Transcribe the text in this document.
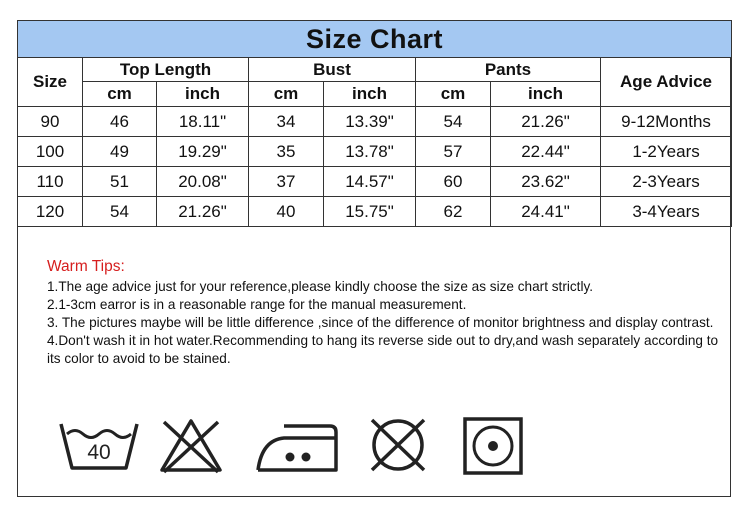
Size Chart							
Size	Top Length		Bust		Pants		Age Advice
	cm	inch	cm	inch	cm	inch	
90	46	18.11"	34	13.39"	54	21.26"	9-12Months
100	49	19.29"	35	13.78"	57	22.44"	1-2Years
110	51	20.08"	37	14.57"	60	23.62"	2-3Years
120	54	21.26"	40	15.75"	62	24.41"	3-4Years
Warm Tips:

1.The age advice just for your reference,please kindly choose the size as size chart strictly.

2.1-3cm earror is in a reasonable range for the manual measurement.

3. The pictures maybe will be little difference ,since of the difference of monitor brightness and display contrast.

4.Don't wash it in hot water.Recommending to hang its reverse side out to dry,and wash separately according to its color to avoid to be stained.

40
